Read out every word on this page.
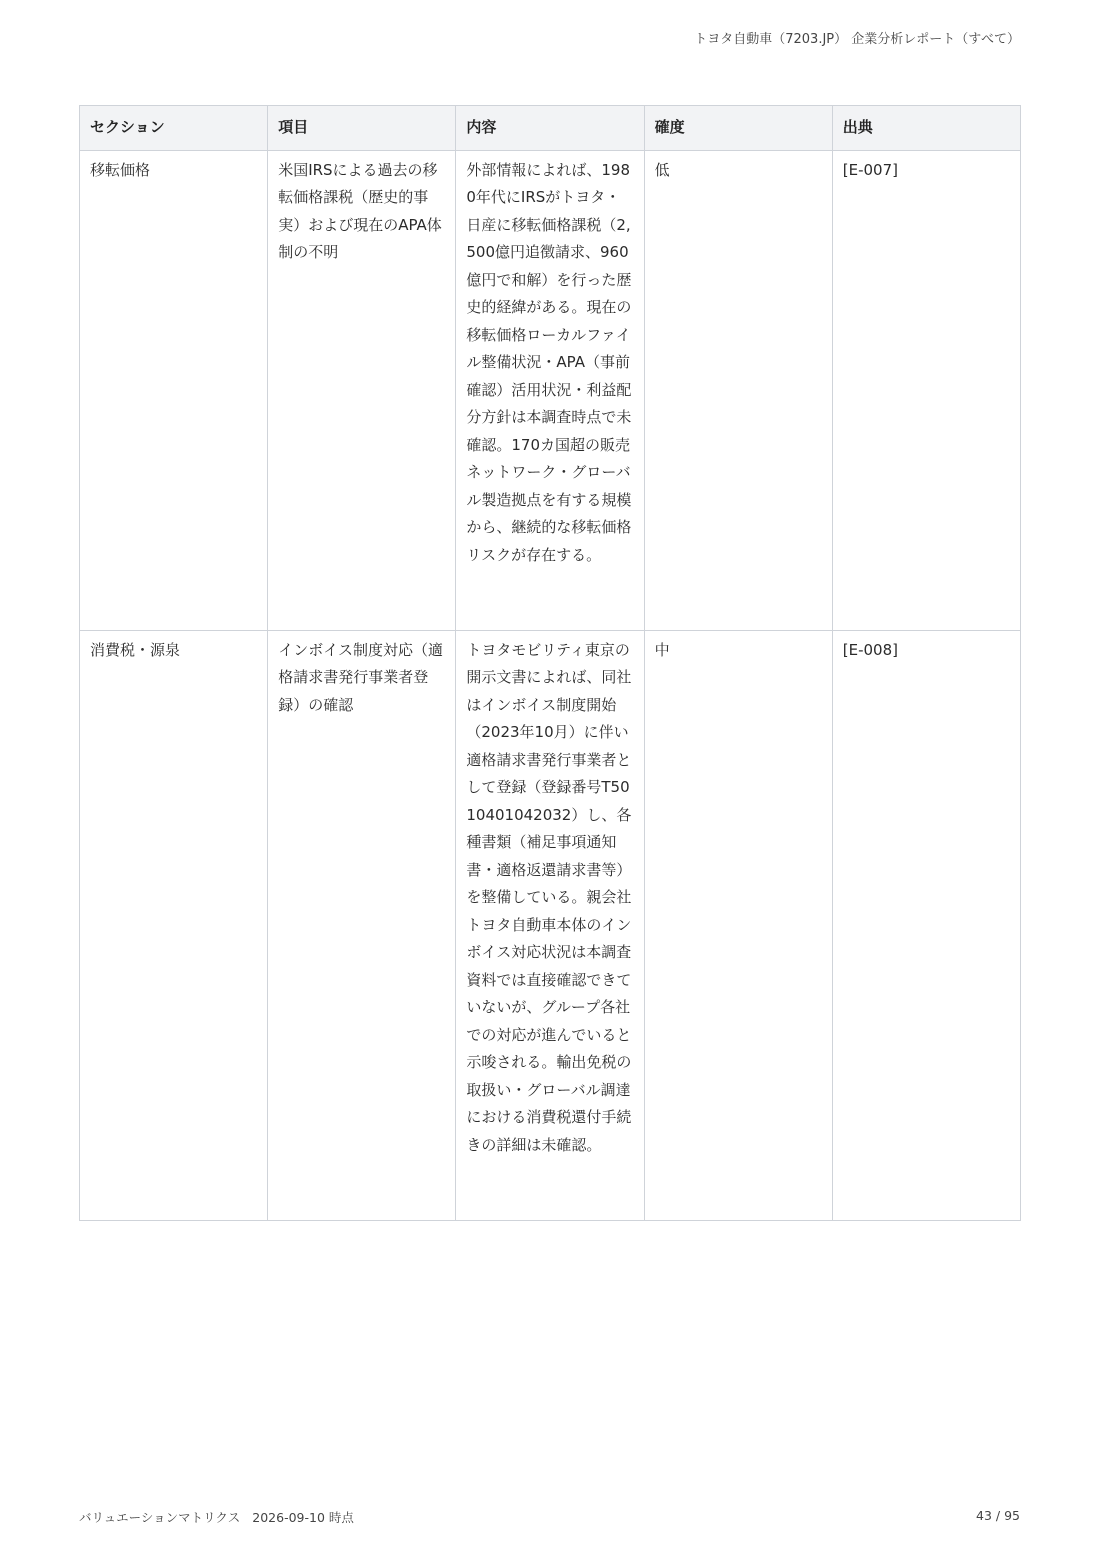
トヨタ自動車（7203.JP） 企業分析レポート（すべて）
セクション	項目	内容	確度	出典
移転価格	米国IRSによる過去の移転価格課税（歴史的事実）および現在のAPA体制の不明	外部情報によれば、1980年代にIRSがトヨタ・日産に移転価格課税（2,500億円追徴請求、960億円で和解）を行った歴史的経緯がある。現在の移転価格ローカルファイル整備状況・APA（事前確認）活用状況・利益配分方針は本調査時点で未確認。170カ国超の販売ネットワーク・グローバル製造拠点を有する規模から、継続的な移転価格リスクが存在する。	低	[E-007]
消費税・源泉	インボイス制度対応（適格請求書発行事業者登録）の確認	トヨタモビリティ東京の開示文書によれば、同社はインボイス制度開始（2023年10月）に伴い適格請求書発行事業者として登録（登録番号T5010401042032）し、各種書類（補足事項通知書・適格返還請求書等）を整備している。親会社トヨタ自動車本体のインボイス対応状況は本調査資料では直接確認できていないが、グループ各社での対応が進んでいると示唆される。輸出免税の取扱い・グローバル調達における消費税還付手続きの詳細は未確認。	中	[E-008]
バリュエーションマトリクス 2026-09-10 時点	43 / 95
